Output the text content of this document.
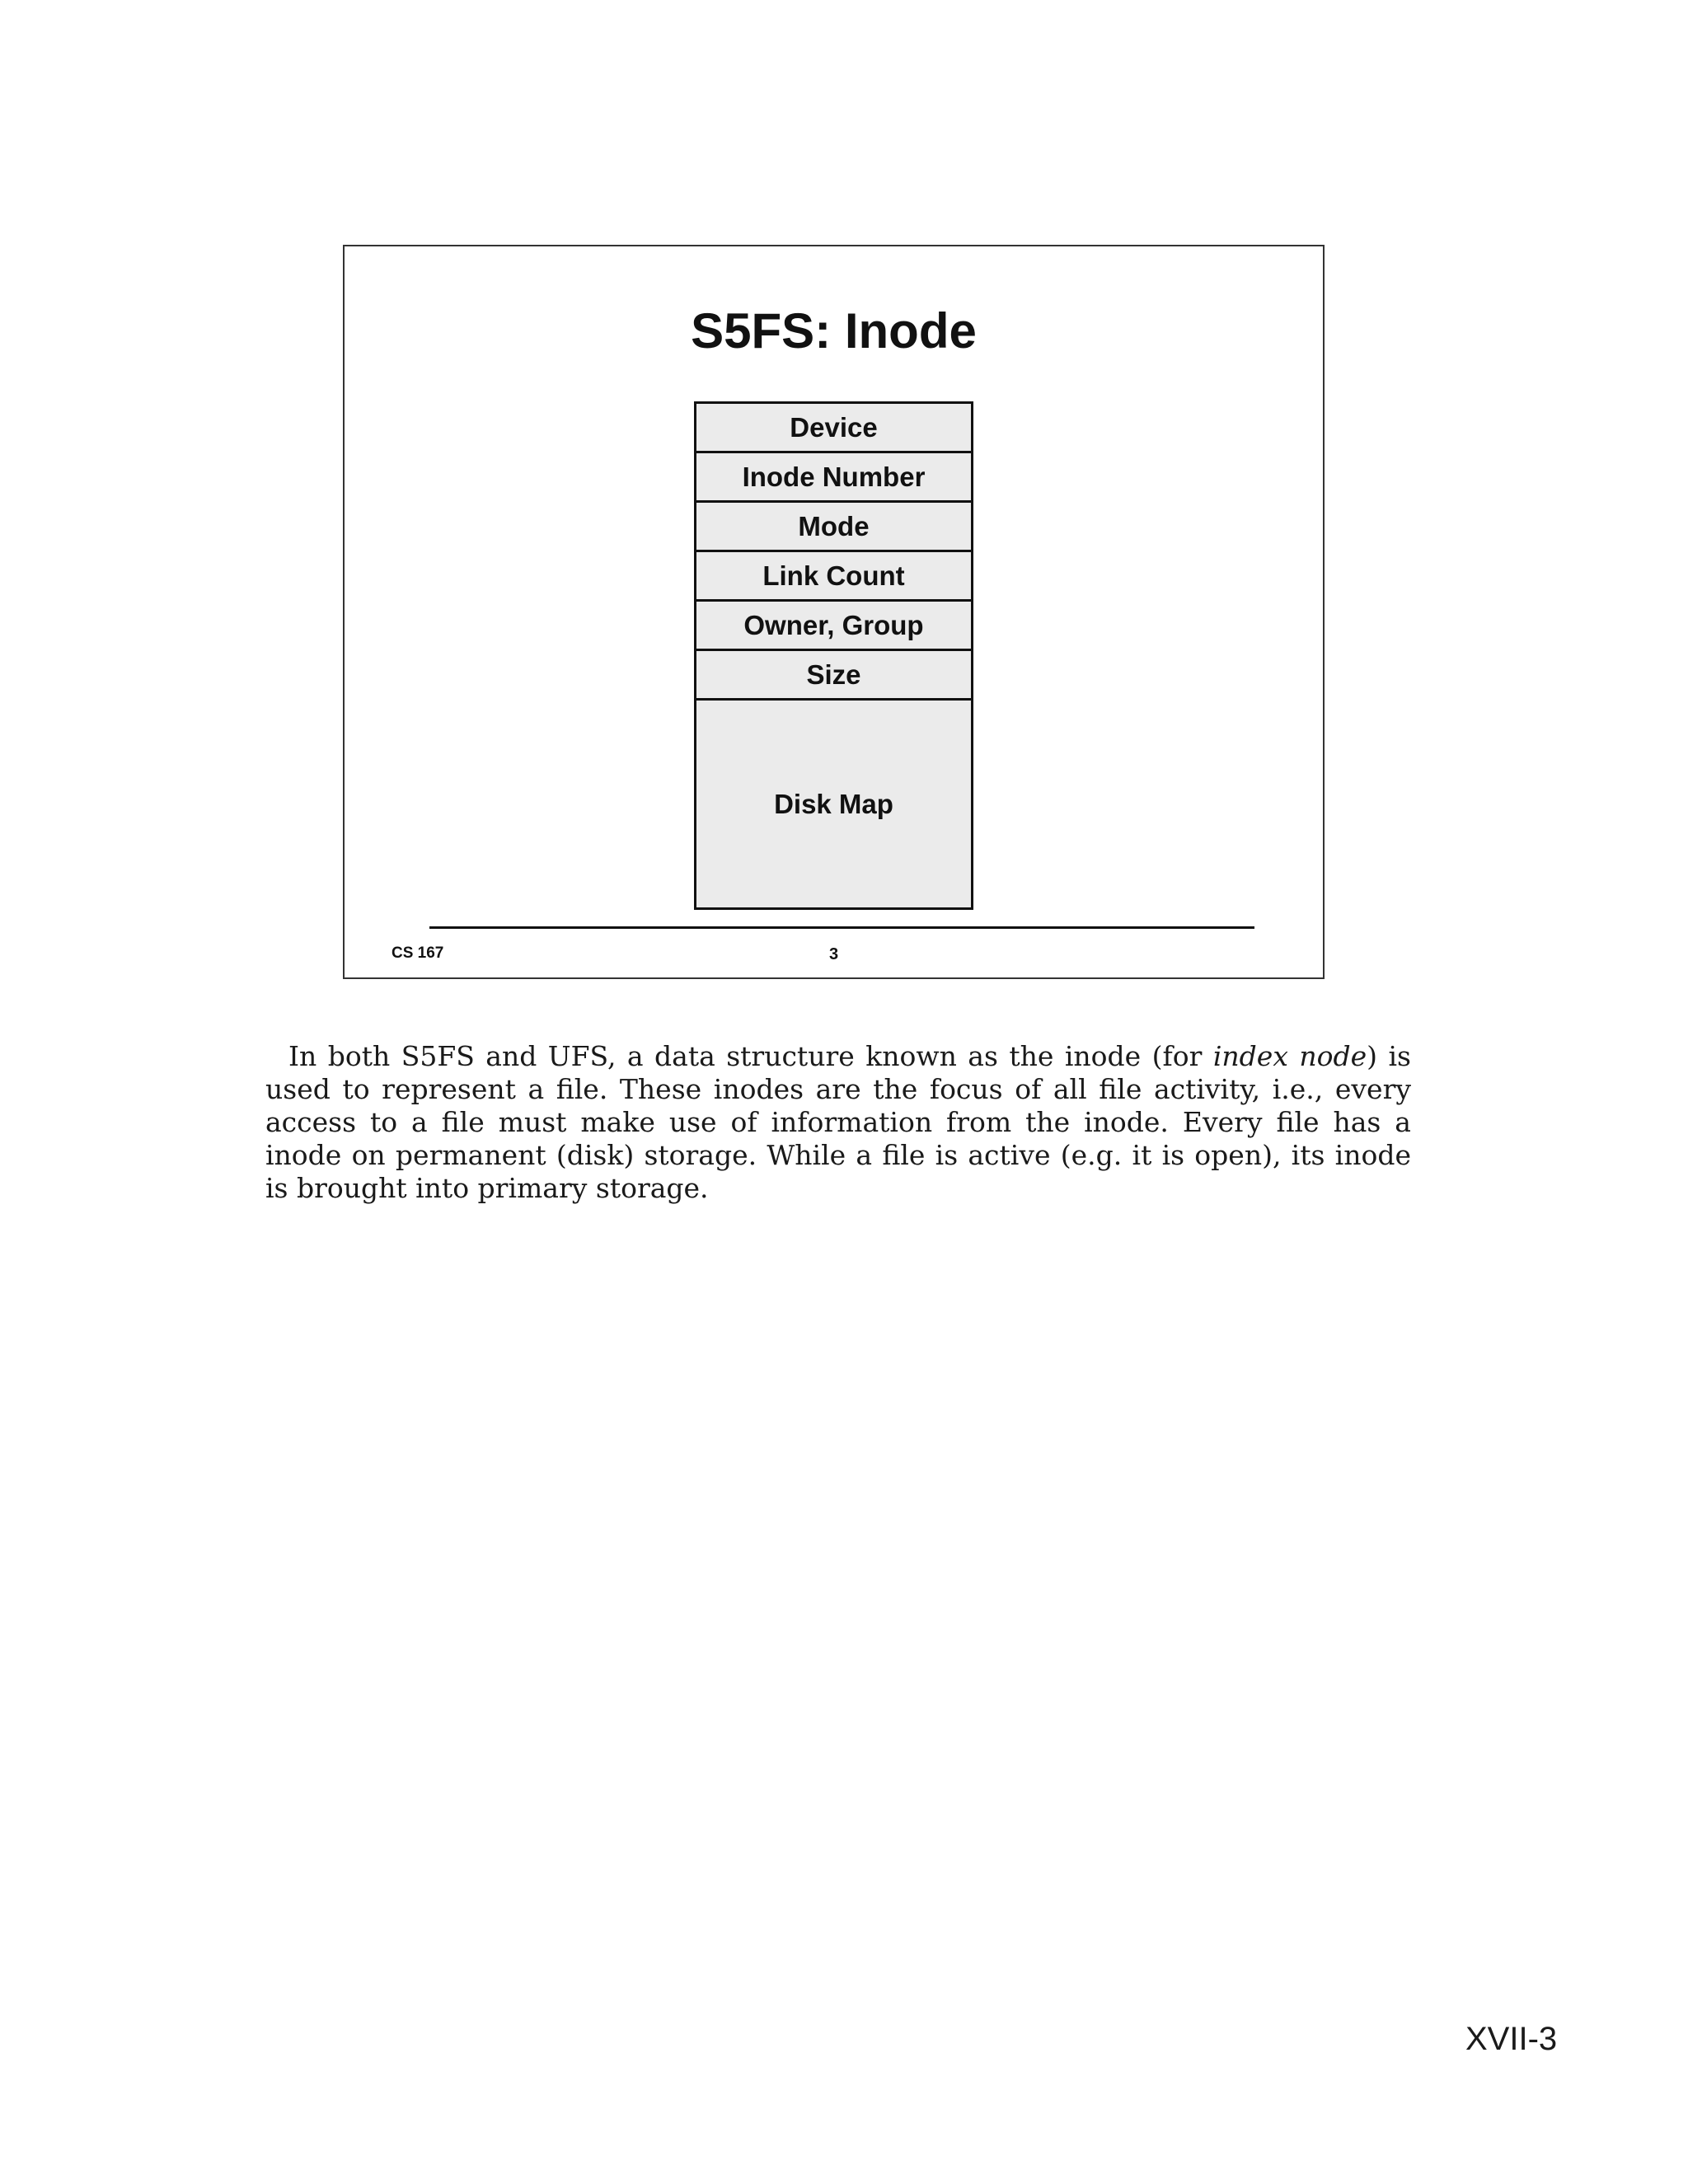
S5FS: Inode
Device
Inode Number
Mode
Link Count
Owner, Group
Size
Disk Map
CS 167	3

In both S5FS and UFS, a data structure known as the inode (for index node) is used to represent a file. These inodes are the focus of all file activity, i.e., every access to a file must make use of information from the inode. Every file has a inode on permanent (disk) storage. While a file is active (e.g. it is open), its inode is brought into primary storage.

XVII-3
